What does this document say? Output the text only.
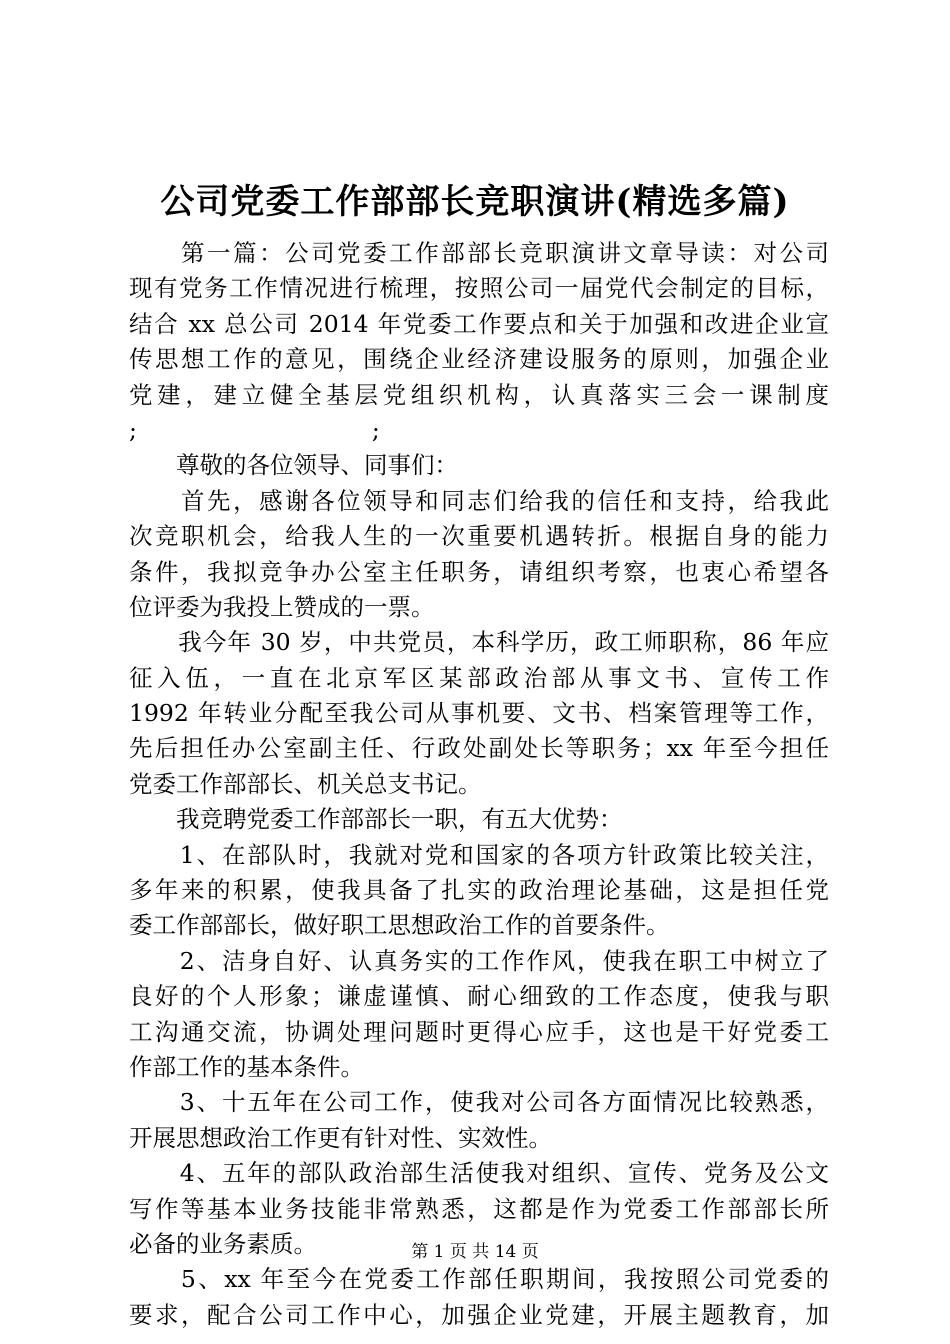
公司党委工作部部长竞职演讲(精选多篇)
　　第一篇：公司党委工作部部长竞职演讲文章导读：对公司
现有党务工作情况进行梳理，按照公司一届党代会制定的目标，
结合 xx 总公司 2014 年党委工作要点和关于加强和改进企业宣
传思想工作的意见，围绕企业经济建设服务的原则，加强企业
党建，建立健全基层党组织机构，认真落实三会一课制度
;　　　　　　　　　　;
　　尊敬的各位领导、同事们：
　　首先，感谢各位领导和同志们给我的信任和支持，给我此
次竞职机会，给我人生的一次重要机遇转折。根据自身的能力
条件，我拟竞争办公室主任职务，请组织考察，也衷心希望各
位评委为我投上赞成的一票。
　　我今年 30 岁，中共党员，本科学历，政工师职称，86 年应
征入伍，一直在北京军区某部政治部从事文书、宣传工作
1992 年转业分配至我公司从事机要、文书、档案管理等工作，
先后担任办公室副主任、行政处副处长等职务；xx 年至今担任
党委工作部部长、机关总支书记。
　　我竞聘党委工作部部长一职，有五大优势：
　　1、在部队时，我就对党和国家的各项方针政策比较关注，
多年来的积累，使我具备了扎实的政治理论基础，这是担任党
委工作部部长，做好职工思想政治工作的首要条件。
　　2、洁身自好、认真务实的工作作风，使我在职工中树立了
良好的个人形象；谦虚谨慎、耐心细致的工作态度，使我与职
工沟通交流，协调处理问题时更得心应手，这也是干好党委工
作部工作的基本条件。
　　3、十五年在公司工作，使我对公司各方面情况比较熟悉，
开展思想政治工作更有针对性、实效性。
　　4、五年的部队政治部生活使我对组织、宣传、党务及公文
写作等基本业务技能非常熟悉，这都是作为党委工作部部长所
必备的业务素质。
　　5、xx 年至今在党委工作部任职期间，我按照公司党委的
要求，配合公司工作中心，加强企业党建，开展主题教育，加
第 1 页 共 14 页
